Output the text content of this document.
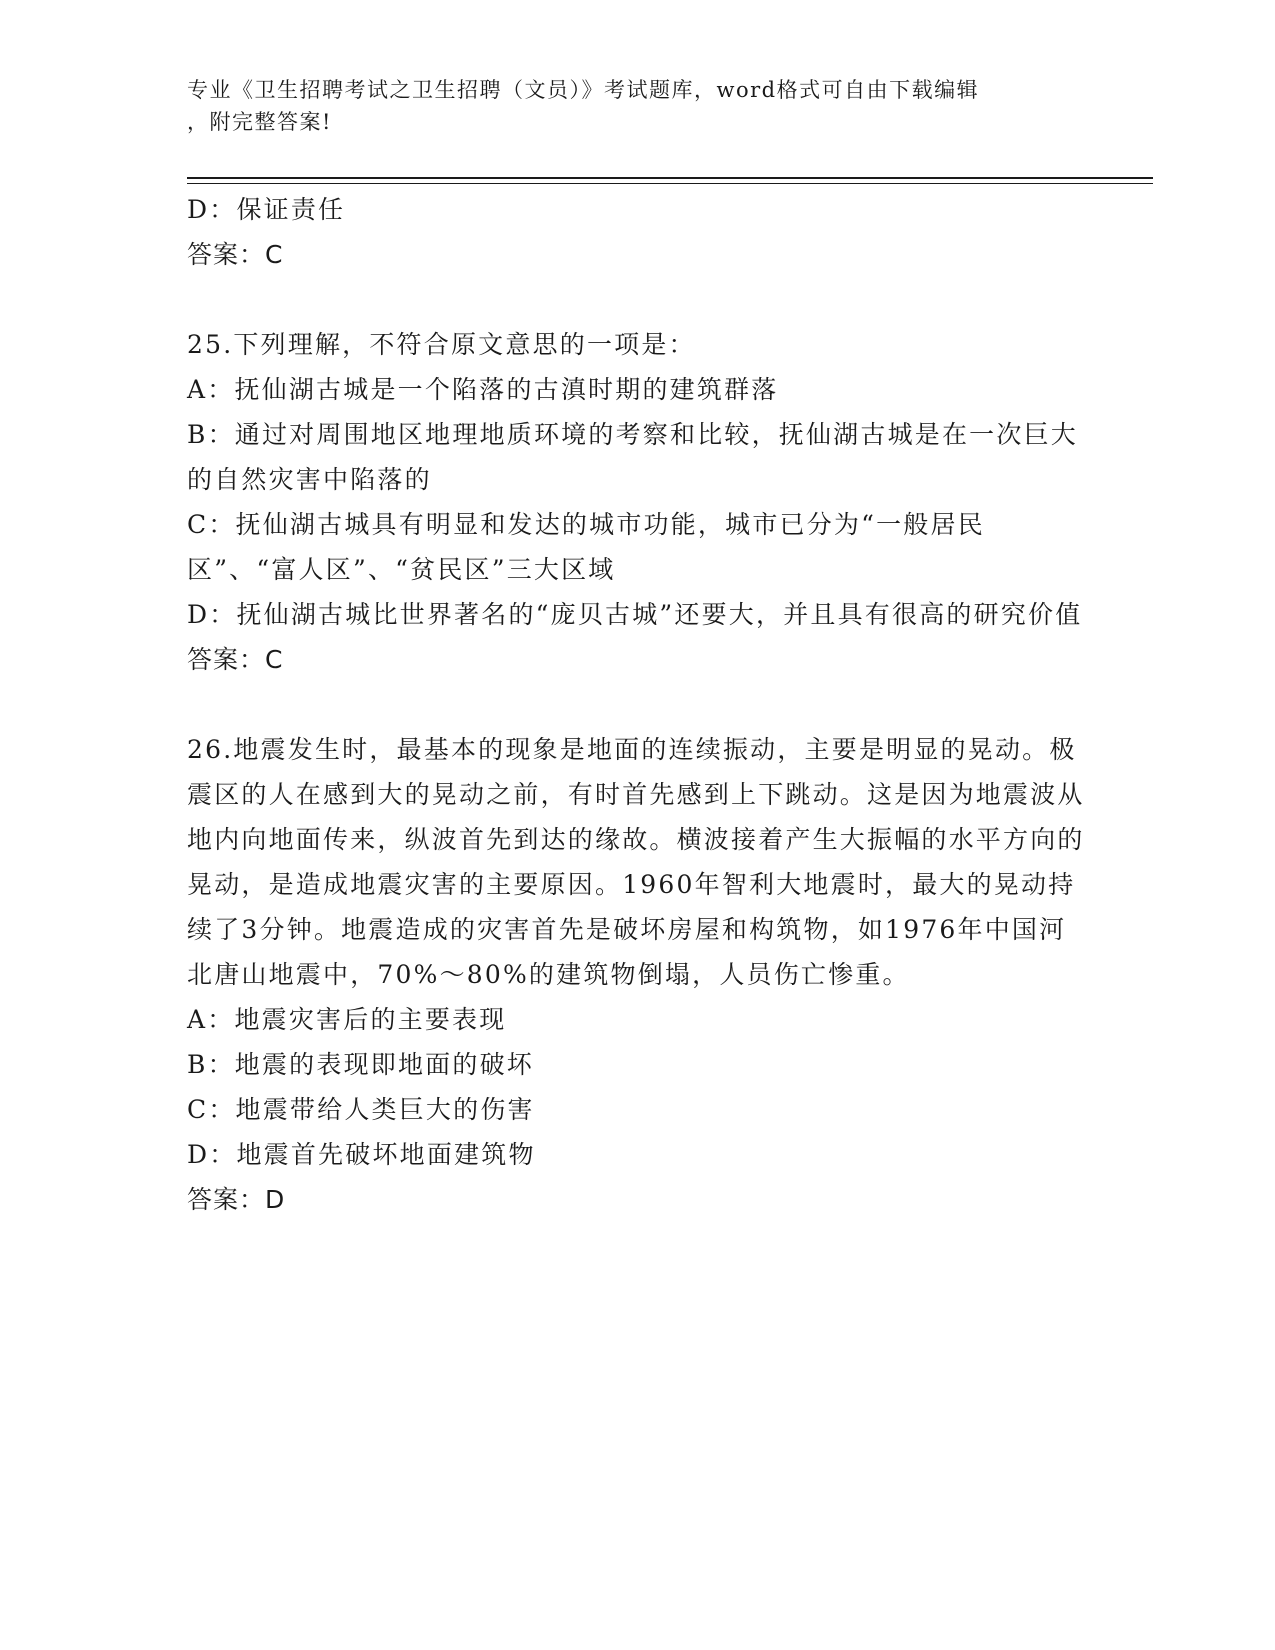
专业《卫生招聘考试之卫生招聘（文员）》考试题库，word格式可自由下载编辑
，附完整答案!

D：保证责任

答案：C

25.下列理解，不符合原文意思的一项是：

A：抚仙湖古城是一个陷落的古滇时期的建筑群落

B：通过对周围地区地理地质环境的考察和比较，抚仙湖古城是在一次巨大的自然灾害中陷落的

C：抚仙湖古城具有明显和发达的城市功能，城市已分为“一般居民区”、“富人区”、“贫民区”三大区域

D：抚仙湖古城比世界著名的“庞贝古城”还要大，并且具有很高的研究价值

答案：C

26.地震发生时，最基本的现象是地面的连续振动，主要是明显的晃动。极震区的人在感到大的晃动之前，有时首先感到上下跳动。这是因为地震波从地内向地面传来，纵波首先到达的缘故。横波接着产生大振幅的水平方向的晃动，是造成地震灾害的主要原因。1960年智利大地震时，最大的晃动持续了3分钟。地震造成的灾害首先是破坏房屋和构筑物，如1976年中国河北唐山地震中，70%～80%的建筑物倒塌，人员伤亡惨重。

A：地震灾害后的主要表现

B：地震的表现即地面的破坏

C：地震带给人类巨大的伤害

D：地震首先破坏地面建筑物

答案：D
